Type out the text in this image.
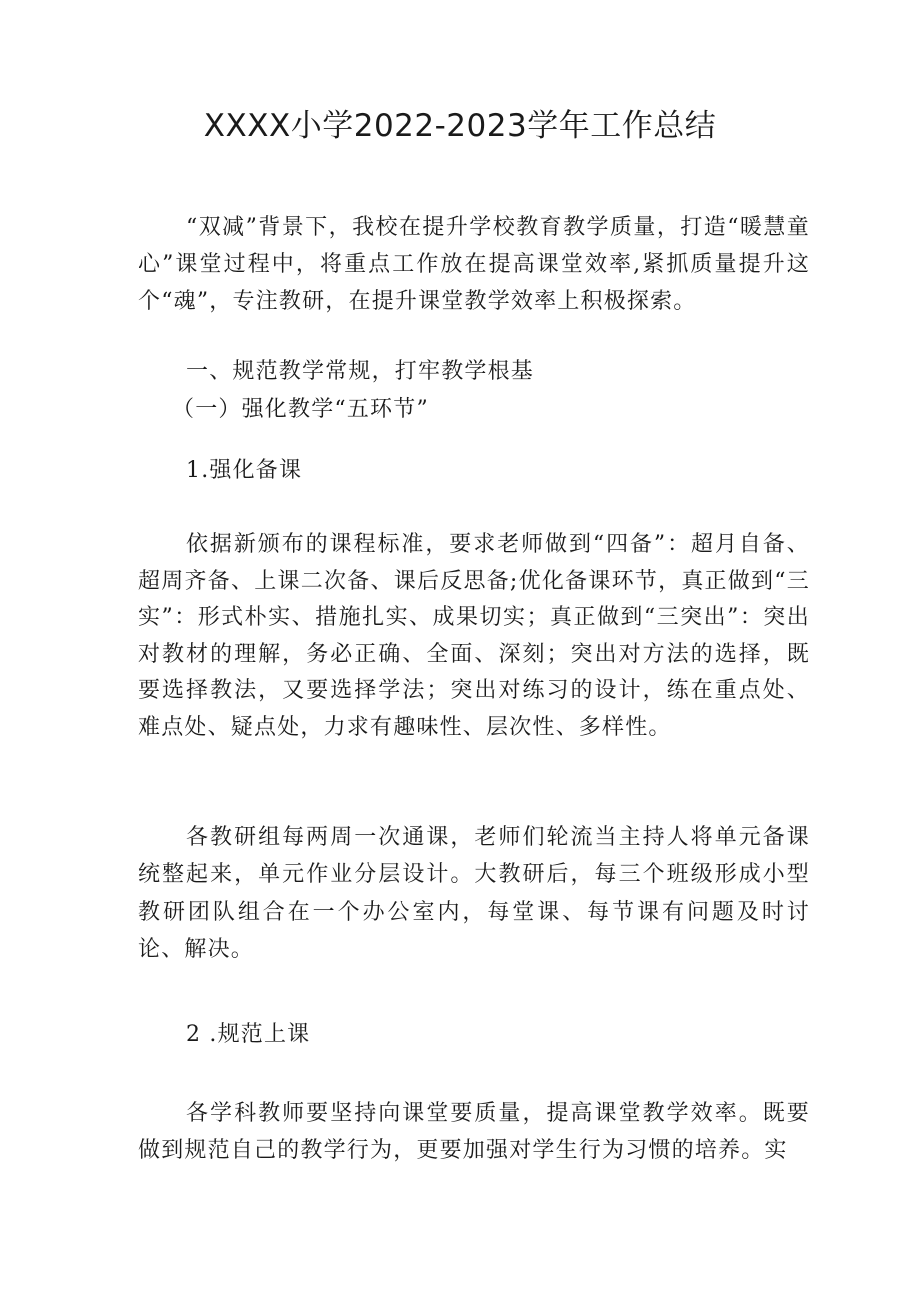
XXXX小学2022-2023学年工作总结

“双减”背景下，我校在提升学校教育教学质量，打造“暖慧童心”课堂过程中，将重点工作放在提高课堂效率,紧抓质量提升这个“魂”，专注教研，在提升课堂教学效率上积极探索。

一、规范教学常规，打牢教学根基

（一）强化教学“五环节”

1.强化备课

依据新颁布的课程标准，要求老师做到“四备”：超月自备、超周齐备、上课二次备、课后反思备;优化备课环节，真正做到“三实”：形式朴实、措施扎实、成果切实；真正做到“三突出”：突出对教材的理解，务必正确、全面、深刻；突出对方法的选择，既要选择教法，又要选择学法；突出对练习的设计，练在重点处、难点处、疑点处，力求有趣味性、层次性、多样性。

各教研组每两周一次通课，老师们轮流当主持人将单元备课统整起来，单元作业分层设计。大教研后，每三个班级形成小型教研团队组合在一个办公室内，每堂课、每节课有问题及时讨论、解决。

2 .规范上课

各学科教师要坚持向课堂要质量，提高课堂教学效率。既要做到规范自己的教学行为，更要加强对学生行为习惯的培养。实
